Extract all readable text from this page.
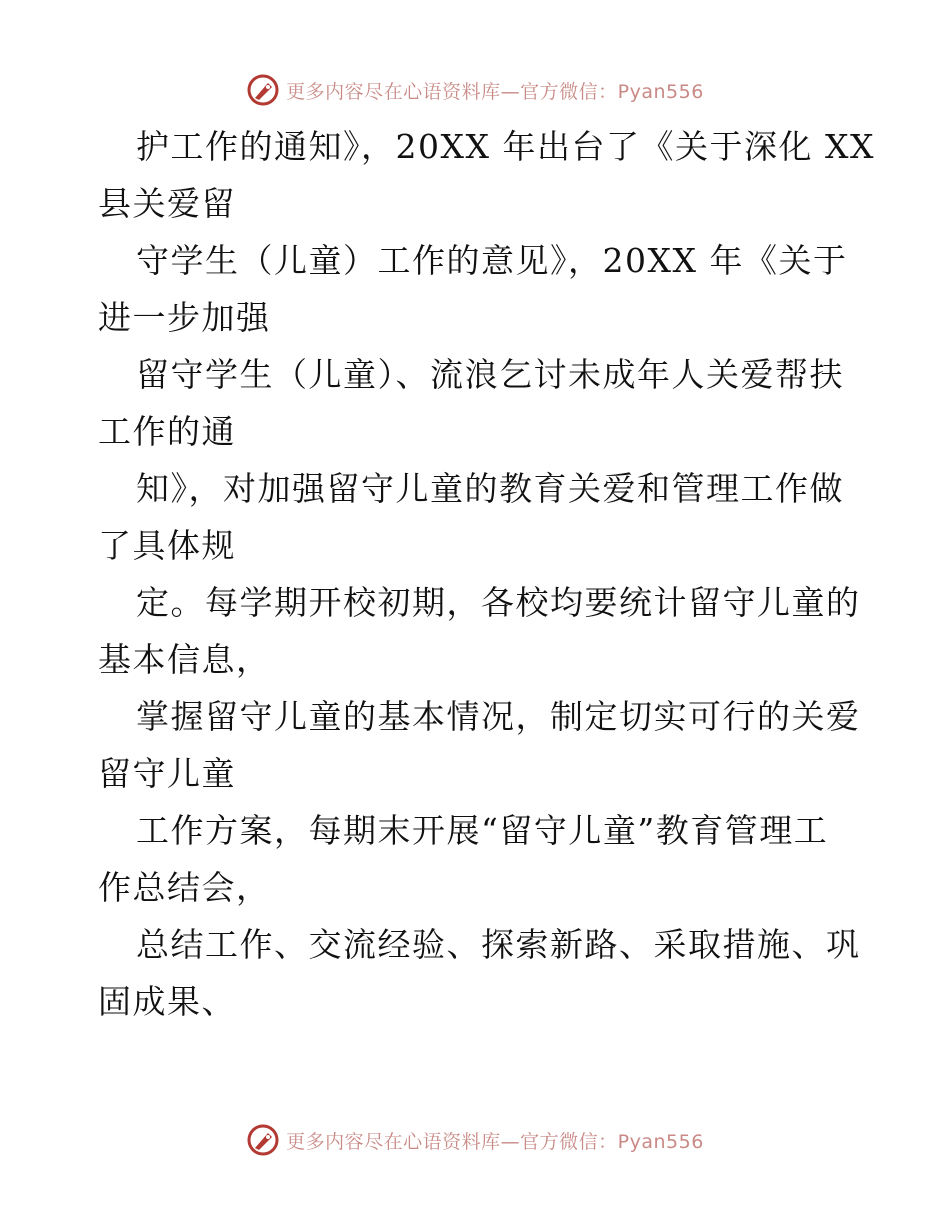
更多内容尽在心语资料库—官方微信：Pyan556

护工作的通知》，20XX 年出台了《关于深化 XX
县关爱留

守学生（儿童）工作的意见》，20XX 年《关于
进一步加强

留守学生（儿童）、流浪乞讨未成年人关爱帮扶
工作的通

知》，对加强留守儿童的教育关爱和管理工作做
了具体规

定。每学期开校初期，各校均要统计留守儿童的
基本信息，

掌握留守儿童的基本情况，制定切实可行的关爱
留守儿童

工作方案，每期末开展“留守儿童”教育管理工
作总结会，

总结工作、交流经验、探索新路、采取措施、巩
固成果、

更多内容尽在心语资料库—官方微信：Pyan556
